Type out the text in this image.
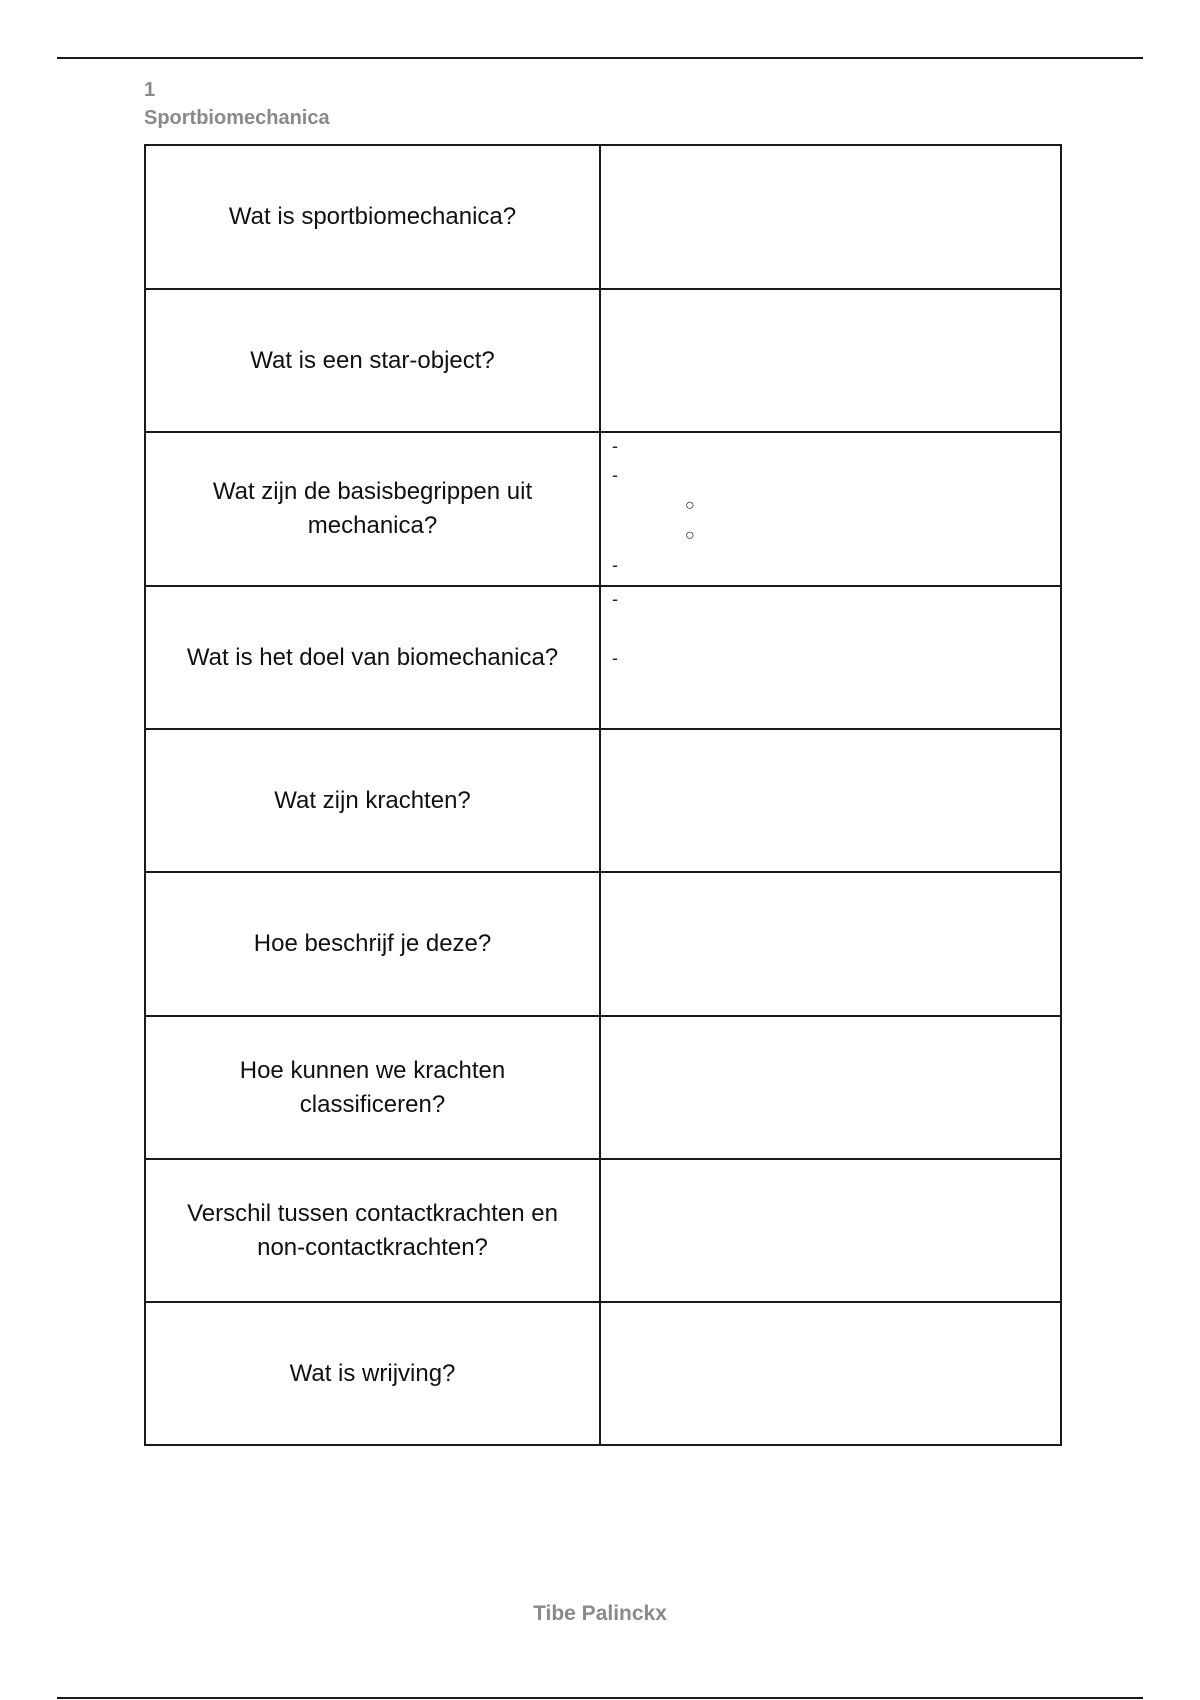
1
Sportbiomechanica
Wat is sportbiomechanica?	
Wat is een star-object?	
Wat zijn de basisbegrippen uit mechanica?	-
-
○
○
-

Wat is het doel van biomechanica?	-
-

Wat zijn krachten?	
Hoe beschrijf je deze?	
Hoe kunnen we krachten classificeren?	
Verschil tussen contactkrachten en non-contactkrachten?	
Wat is wrijving?	
Tibe Palinckx
